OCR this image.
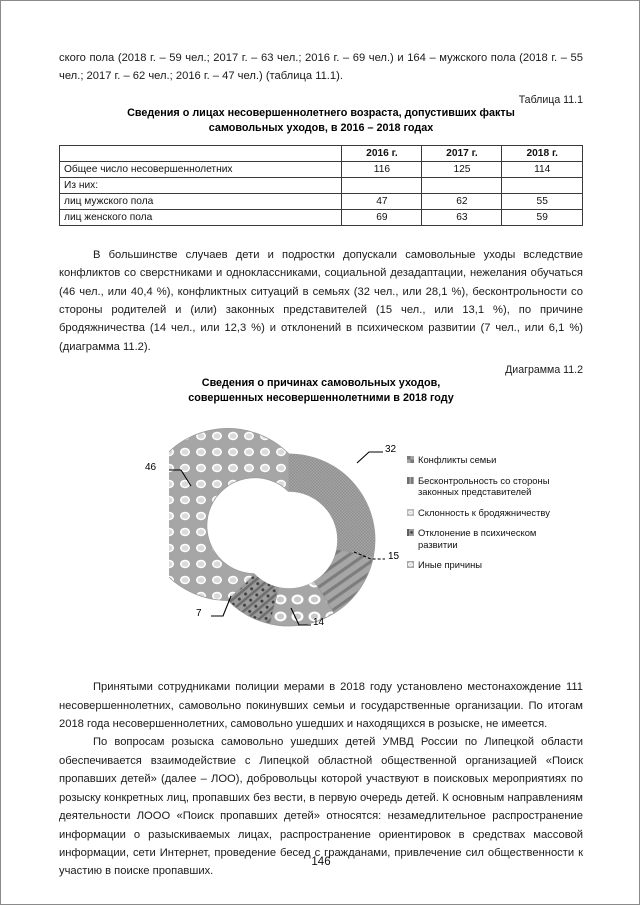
ского пола (2018 г. – 59 чел.; 2017 г. – 63 чел.; 2016 г. – 69 чел.) и 164 – мужского пола (2018 г. – 55 чел.; 2017 г. – 62 чел.; 2016 г. – 47 чел.) (таблица 11.1).

Таблица 11.1

Сведения о лицах несовершеннолетнего возраста, допустивших факты

самовольных уходов, в 2016 – 2018 годах

	2016 г.	2017 г.	2018 г.
Общее число несовершеннолетних	116	125	114
Из них:			
лиц мужского пола	47	62	55
лиц женского пола	69	63	59

В большинстве случаев дети и подростки допускали самовольные уходы вследствие конфликтов со сверстниками и одноклассниками, социальной дезадаптации, нежелания обучаться (46 чел., или 40,4 %), конфликтных ситуаций в семьях (32 чел., или 28,1 %), бесконтрольности со стороны родителей и (или) законных представителей (15 чел., или 13,1 %), по причине бродяжничества (14 чел., или 12,3 %) и отклонений в психическом развитии (7 чел., или 6,1 %) (диаграмма 11.2).

Диаграмма 11.2

Сведения о причинах самовольных уходов,

совершенных несовершеннолетними в 2018 году

32
15
14
7
46
Конфликты семьи
Бесконтрольность со стороны
законных представителей
Склонность к бродяжничеству
Отклонение в психическом
развитии
Иные причины

Принятыми сотрудниками полиции мерами в 2018 году установлено местонахождение 111 несовершеннолетних, самовольно покинувших семьи и государственные организации. По итогам 2018 года несовершеннолетних, самовольно ушедших и находящихся в розыске, не имеется.

По вопросам розыска самовольно ушедших детей УМВД России по Липецкой области обеспечивается взаимодействие с Липецкой областной общественной организацией «Поиск пропавших детей» (далее – ЛОО), добровольцы которой участвуют в поисковых мероприятиях по розыску конкретных лиц, пропавших без вести, в первую очередь детей. К основным направлениям деятельности ЛООО «Поиск пропавших детей» относятся: незамедлительное распространение информации о разыскиваемых лицах, распространение ориентировок в средствах массовой информации, сети Интернет, проведение бесед с гражданами, привлечение сил общественности к участию в поиске пропавших.

146
